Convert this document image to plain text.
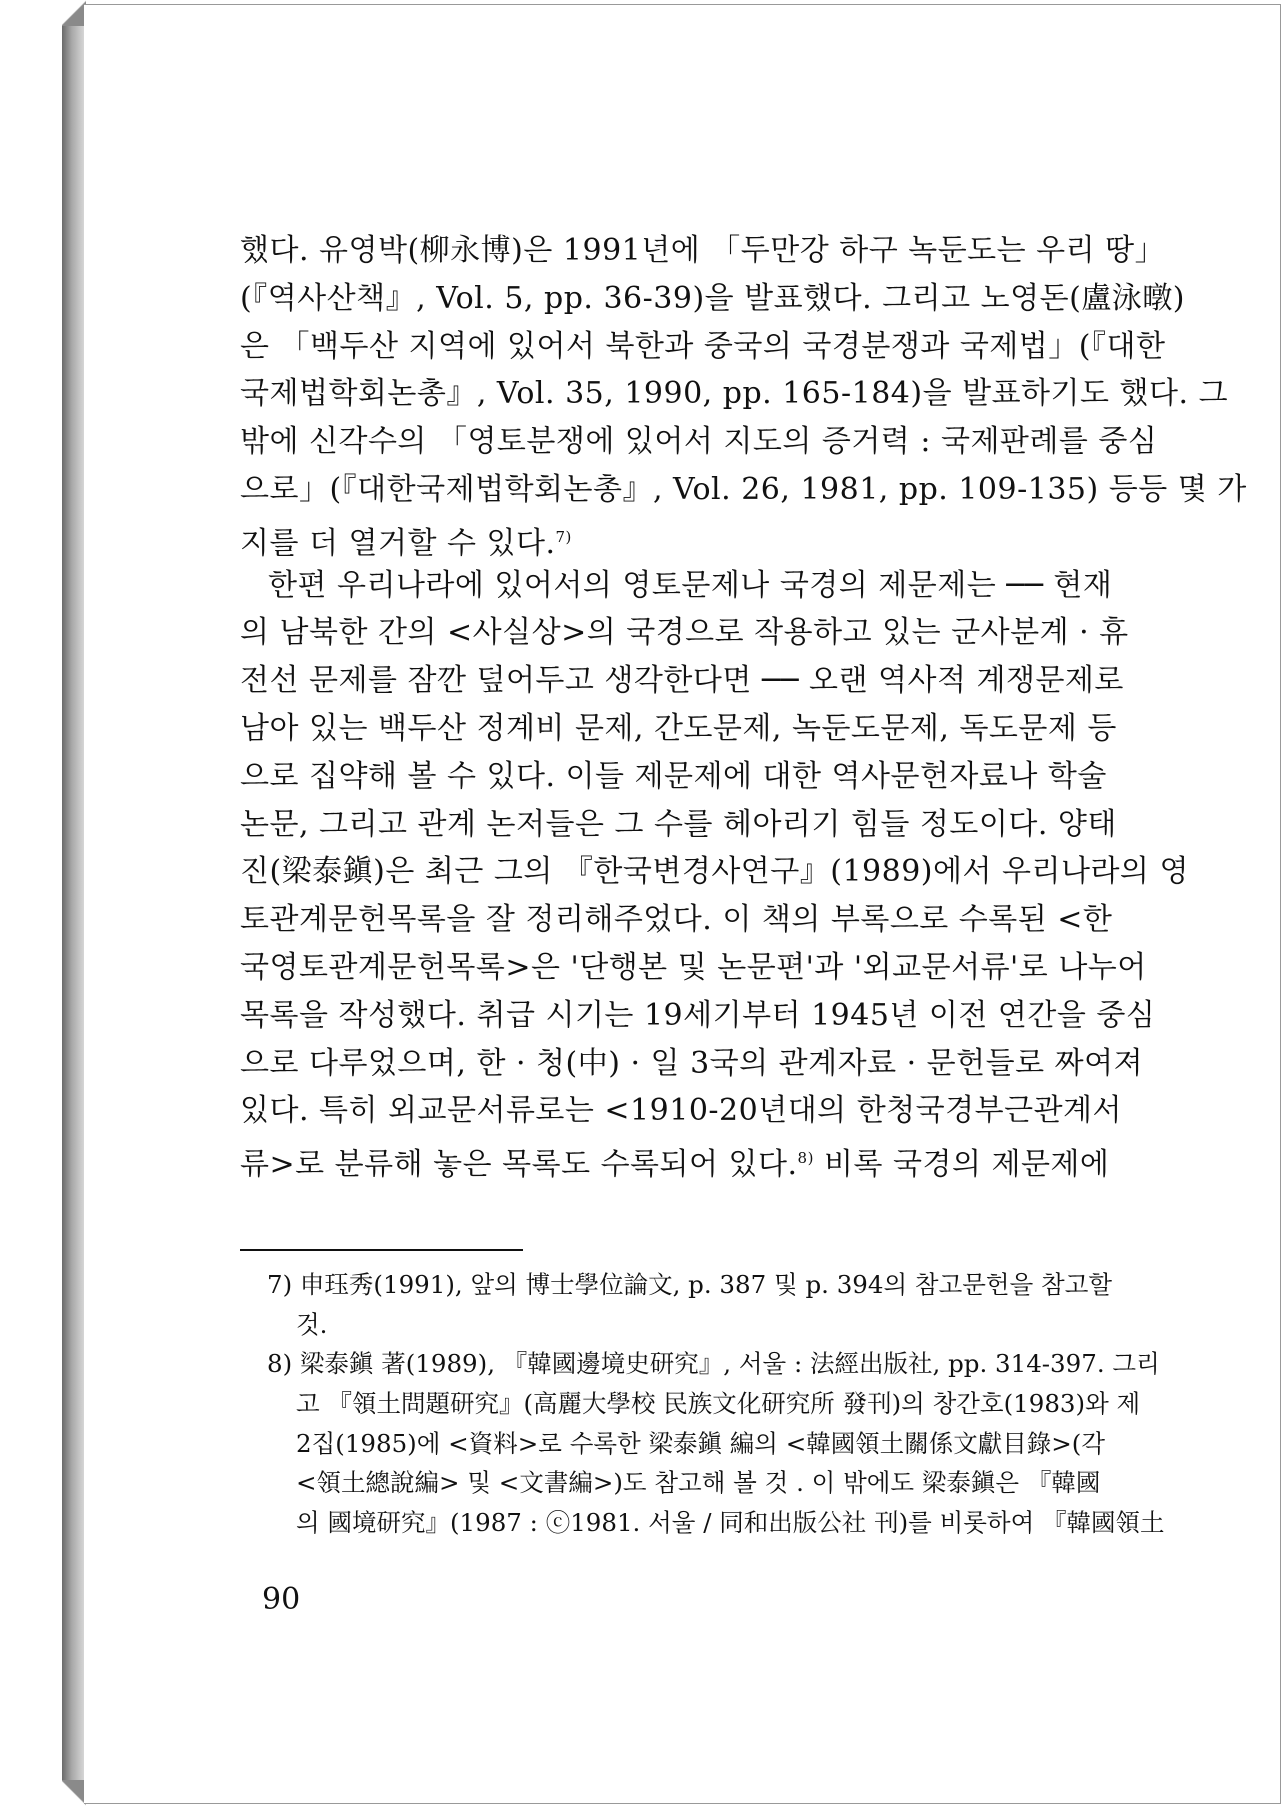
했다. 유영박(柳永博)은 1991년에 「두만강 하구 녹둔도는 우리 땅」
(『역사산책』, Vol. 5, pp. 36-39)을 발표했다. 그리고 노영돈(盧泳暾)
은 「백두산 지역에 있어서 북한과 중국의 국경분쟁과 국제법」(『대한
국제법학회논총』, Vol. 35, 1990, pp. 165-184)을 발표하기도 했다. 그
밖에 신각수의 「영토분쟁에 있어서 지도의 증거력 : 국제판례를 중심
으로」(『대한국제법학회논총』, Vol. 26, 1981, pp. 109-135) 등등 몇 가
지를 더 열거할 수 있다.$^{7)}$
한편 우리나라에 있어서의 영토문제나 국경의 제문제는 ── 현재
의 남북한 간의 <사실상>의 국경으로 작용하고 있는 군사분계 · 휴
전선 문제를 잠깐 덮어두고 생각한다면 ── 오랜 역사적 계쟁문제로
남아 있는 백두산 정계비 문제, 간도문제, 녹둔도문제, 독도문제 등
으로 집약해 볼 수 있다. 이들 제문제에 대한 역사문헌자료나 학술
논문, 그리고 관계 논저들은 그 수를 헤아리기 힘들 정도이다. 양태
진(梁泰鎭)은 최근 그의 『한국변경사연구』(1989)에서 우리나라의 영
토관계문헌목록을 잘 정리해주었다. 이 책의 부록으로 수록된 <한
국영토관계문헌목록>은 '단행본 및 논문편'과 '외교문서류'로 나누어
목록을 작성했다. 취급 시기는 19세기부터 1945년 이전 연간을 중심
으로 다루었으며, 한 · 청(中) · 일 3국의 관계자료 · 문헌들로 짜여져
있다. 특히 외교문서류로는 <1910-20년대의 한청국경부근관계서
류>로 분류해 놓은 목록도 수록되어 있다.$^{8)}$ 비록 국경의 제문제에
7) 申珏秀(1991), 앞의 博士學位論文, p. 387 및 p. 394의 참고문헌을 참고할
것.
8) 梁泰鎭 著(1989), 『韓國邊境史研究』, 서울 : 法經出版社, pp. 314-397. 그리
고 『領土問題研究』(高麗大學校 民族文化研究所 發刊)의 창간호(1983)와 제
2집(1985)에 <資料>로 수록한 梁泰鎭 編의 <韓國領土關係文獻目錄>(각
<領土總說編> 및 <文書編>)도 참고해 볼 것 . 이 밖에도 梁泰鎭은 『韓國
의 國境研究』(1987 : ⓒ1981. 서울 / 同和出版公社 刊)를 비롯하여 『韓國領土
90
